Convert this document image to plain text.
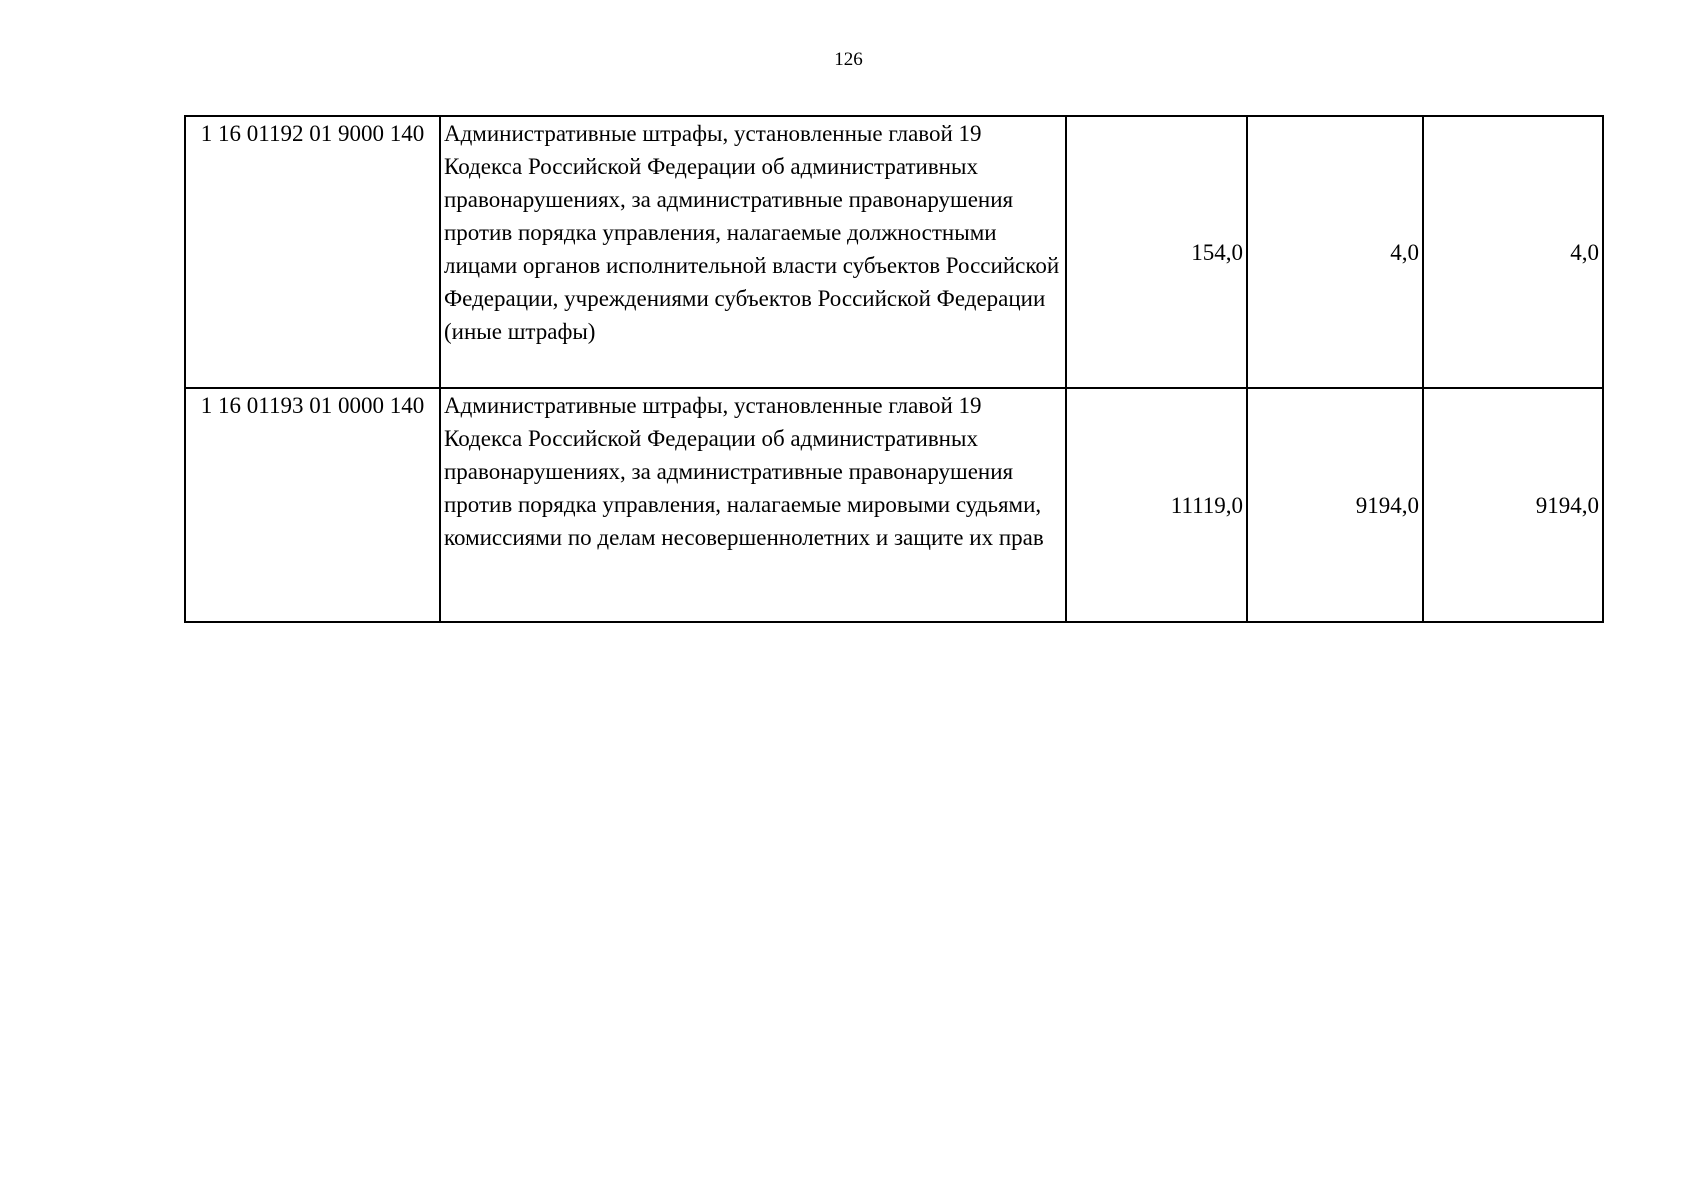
126
1 16 01192 01 9000 140	Административные штрафы, установленные главой 19 Кодекса Российской Федерации об административных правонарушениях, за административные правонарушения против порядка управления, налагаемые должностными лицами органов исполнительной власти субъектов Российской Федерации, учреждениями субъектов Российской Федерации (иные штрафы)	154,0	4,0	4,0
1 16 01193 01 0000 140	Административные штрафы, установленные главой 19 Кодекса Российской Федерации об административных правонарушениях, за административные правонарушения против порядка управления, налагаемые мировыми судьями, комиссиями по делам несовершеннолетних и защите их прав	11119,0	9194,0	9194,0
